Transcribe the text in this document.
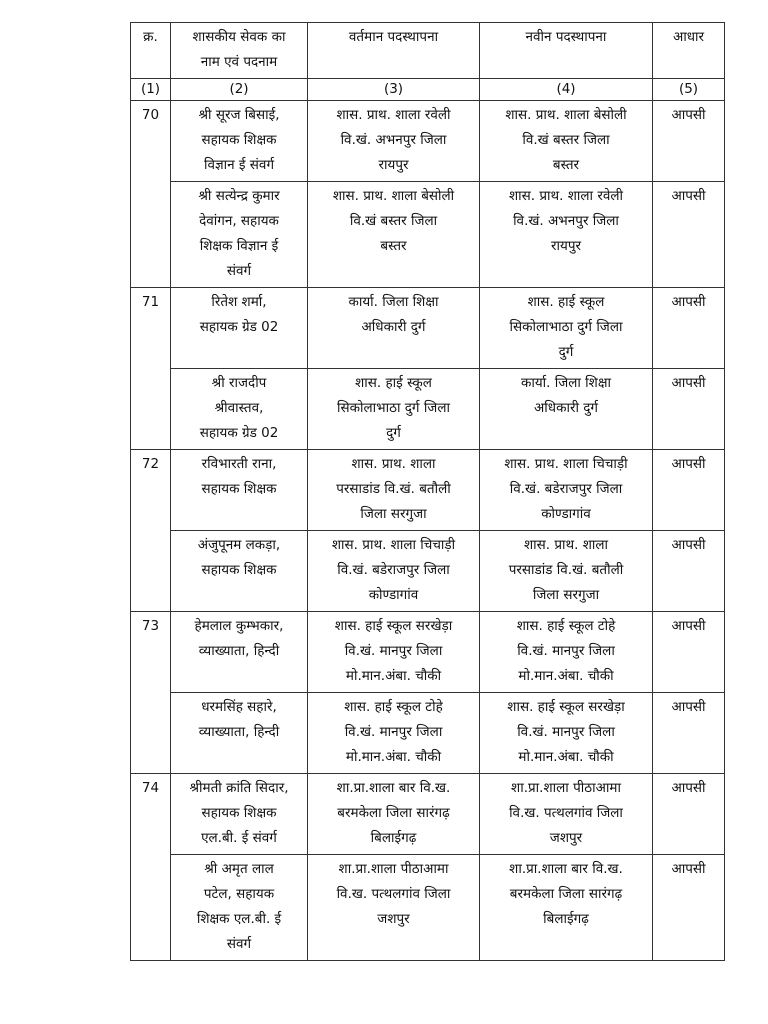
क्र.	शासकीय सेवक का
नाम एवं पदनाम	वर्तमान पदस्थापना	नवीन पदस्थापना	आधार
(1)	(2)	(3)	(4)	(5)
70	श्री सूरज बिसाई,
सहायक शिक्षक
विज्ञान ई संवर्ग	शास. प्राथ. शाला रवेली
वि.खं. अभनपुर जिला
रायपुर	शास. प्राथ. शाला बेसोली
वि.खं बस्तर जिला
बस्तर	आपसी
	श्री सत्येन्द्र कुमार
देवांगन, सहायक
शिक्षक विज्ञान ई
संवर्ग	शास. प्राथ. शाला बेसोली
वि.खं बस्तर जिला
बस्तर	शास. प्राथ. शाला रवेली
वि.खं. अभनपुर जिला
रायपुर	आपसी
71	रितेश शर्मा,
सहायक ग्रेड 02	कार्या. जिला शिक्षा
अधिकारी दुर्ग	शास. हाई स्कूल
सिकोलाभाठा दुर्ग जिला
दुर्ग	आपसी
	श्री राजदीप
श्रीवास्तव,
सहायक ग्रेड 02	शास. हाई स्कूल
सिकोलाभाठा दुर्ग जिला
दुर्ग	कार्या. जिला शिक्षा
अधिकारी दुर्ग	आपसी
72	रविभारती राना,
सहायक शिक्षक	शास. प्राथ. शाला
परसाडांड वि.खं. बतौली
जिला सरगुजा	शास. प्राथ. शाला चिचाड़ी
वि.खं. बडेराजपुर जिला
कोण्डागांव	आपसी
	अंजुपूनम लकड़ा,
सहायक शिक्षक	शास. प्राथ. शाला चिचाड़ी
वि.खं. बडेराजपुर जिला
कोण्डागांव	शास. प्राथ. शाला
परसाडांड वि.खं. बतौली
जिला सरगुजा	आपसी
73	हेमलाल कुम्भकार,
व्याख्याता, हिन्दी	शास. हाई स्कूल सरखेड़ा
वि.खं. मानपुर जिला
मो.मान.अंबा. चौकी	शास. हाई स्कूल टोहे
वि.खं. मानपुर जिला
मो.मान.अंबा. चौकी	आपसी
	धरमसिंह सहारे,
व्याख्याता, हिन्दी	शास. हाई स्कूल टोहे
वि.खं. मानपुर जिला
मो.मान.अंबा. चौकी	शास. हाई स्कूल सरखेड़ा
वि.खं. मानपुर जिला
मो.मान.अंबा. चौकी	आपसी
74	श्रीमती क्रांति सिदार,
सहायक शिक्षक
एल.बी. ई संवर्ग	शा.प्रा.शाला बार वि.ख.
बरमकेला जिला सारंगढ़
बिलाईगढ़	शा.प्रा.शाला पीठाआमा
वि.ख. पत्थलगांव जिला
जशपुर	आपसी
	श्री अमृत लाल
पटेल, सहायक
शिक्षक एल.बी. ई
संवर्ग	शा.प्रा.शाला पीठाआमा
वि.ख. पत्थलगांव जिला
जशपुर	शा.प्रा.शाला बार वि.ख.
बरमकेला जिला सारंगढ़
बिलाईगढ़	आपसी
